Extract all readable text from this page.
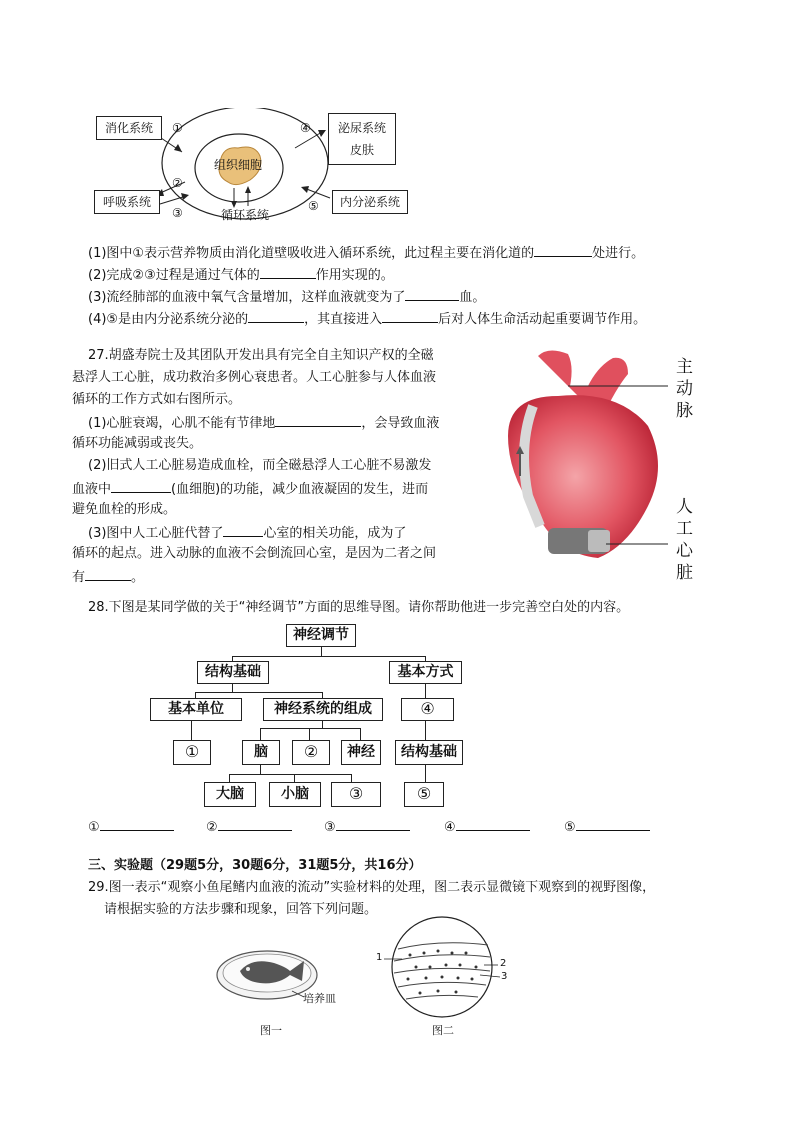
消化系统
呼吸系统
泌尿系统
皮肤
内分泌系统
组织细胞
循环系统
①
②
③
④
⑤
(1)图中①表示营养物质由消化道壁吸收进入循环系统，此过程主要在消化道的	处进行。
(2)完成②③过程是通过气体的	作用实现的。
(3)流经肺部的血液中氧气含量增加，这样血液就变为了	血。
(4)⑤是由内分泌系统分泌的	，其直接进入	后对人体生命活动起重要调节作用。
27.胡盛寿院士及其团队开发出具有完全自主知识产权的全磁
悬浮人工心脏，成功救治多例心衰患者。人工心脏参与人体血液
循环的工作方式如右图所示。
(1)心脏衰竭，心肌不能有节律地	，会导致血液
循环功能减弱或丧失。
(2)旧式人工心脏易造成血栓，而全磁悬浮人工心脏不易激发
血液中	(血细胞)的功能，减少血液凝固的发生，进而
避免血栓的形成。
(3)图中人工心脏代替了	心室的相关功能，成为了
循环的起点。进入动脉的血液不会倒流回心室，是因为二者之间
有	。
主动脉
人工心脏
28.下图是某同学做的关于“神经调节”方面的思维导图。请你帮助他进一步完善空白处的内容。
神经调节
结构基础	基本方式
基本单位	神经系统的组成	④
①	脑	②	神经	结构基础
大脑	小脑	③	⑤
①	②	③	④	⑤
三、实验题（29题5分，30题6分，31题5分，共16分）
29.图一表示“观察小鱼尾鳍内血液的流动”实验材料的处理，图二表示显微镜下观察到的视野图像，
请根据实验的方法步骤和现象，回答下列问题。
培养皿
图一
1
2
3
图二
